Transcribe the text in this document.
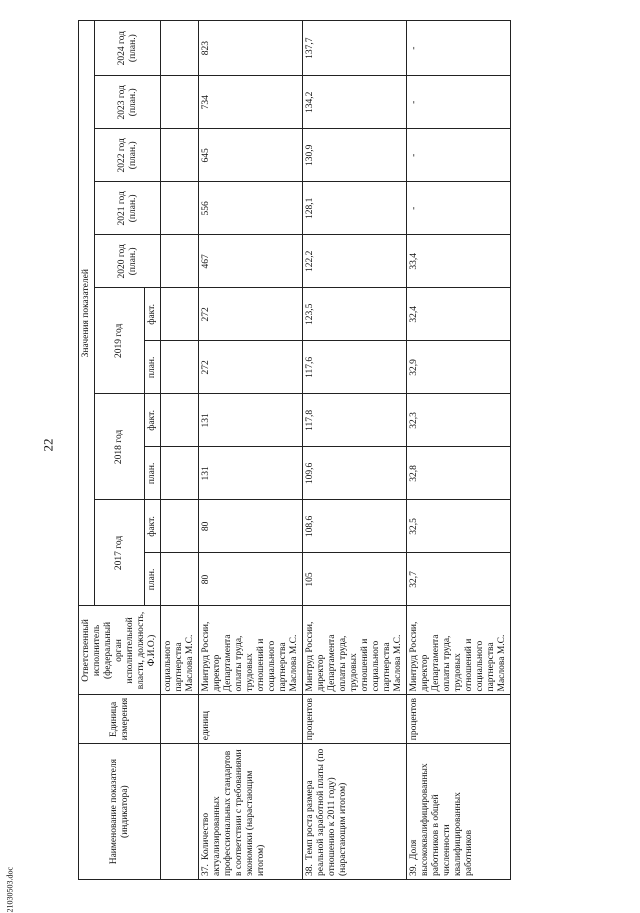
22
21030503.doc
Наименование показателя (индикатора)	Единица измерения	Ответственный исполнитель (федеральный орган исполнительной власти, должность, Ф.И.О.)	Значения показателей										
			2017 год		2018 год		2019 год		2020 год (план.)	2021 год (план.)	2022 год (план.)	2023 год (план.)	2024 год (план.)
			план.	факт.	план.	факт.	план.	факт.					
		социального партнерства Маслова М.С.											
37.Количество актуализированных профессиональных стандартов в соответствии с требованиями экономики (нарастающим итогом)	единиц	Минтруд России, директор Департамента оплаты труда, трудовых отношений и социального партнерства Маслова М.С.	80	80	131	131	272	272	467	556	645	734	823
38.Темп роста размера реальной заработной платы (по отношению к 2011 году) (нарастающим итогом)	процентов	Минтруд России, директор Департамента оплаты труда, трудовых отношений и социального партнерства Маслова М.С.	105	108,6	109,6	117,8	117,6	123,5	122,2	128,1	130,9	134,2	137,7
39.Доля высококвалифицированных работников в общей численности квалифицированных работников	процентов	Минтруд России, директор Департамента оплаты труда, трудовых отношений и социального партнерства Маслова М.С.	32,7	32,5	32,8	32,3	32,9	32,4	33,4	-	-	-	-
